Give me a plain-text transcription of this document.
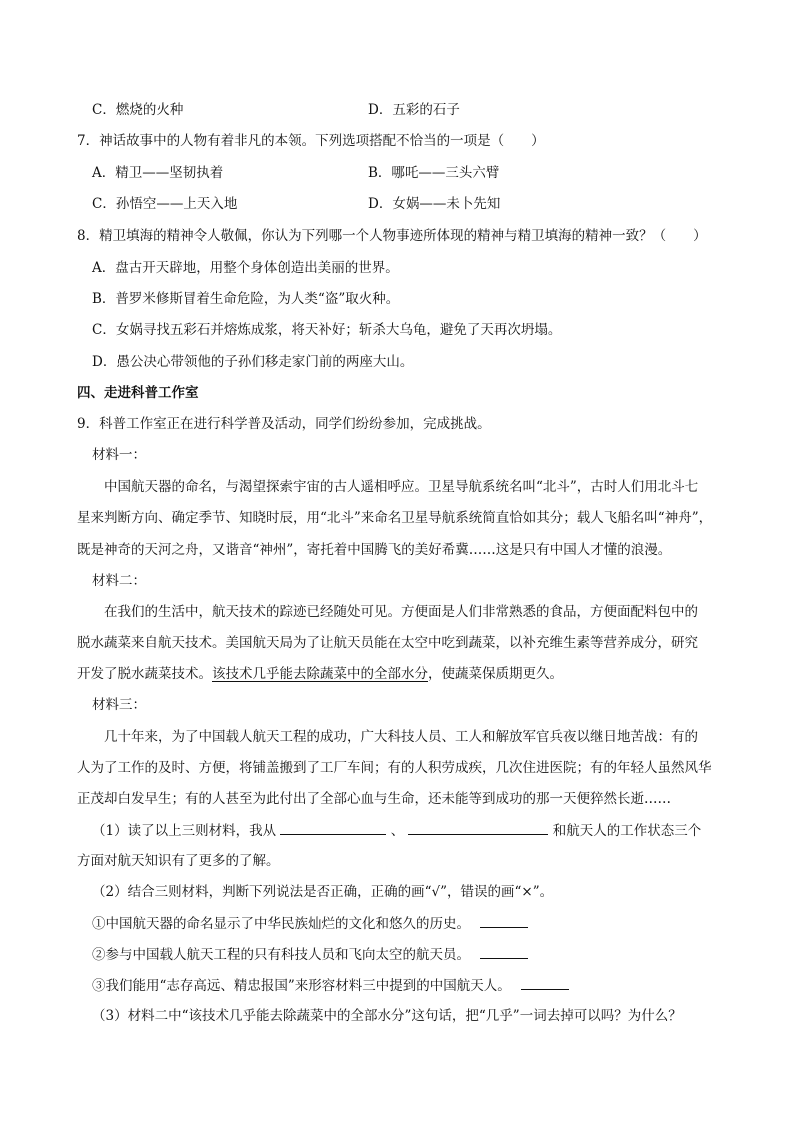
C．燃烧的火种	D．五彩的石子
7．神话故事中的人物有着非凡的本领。下列选项搭配不恰当的一项是（　　）
A．精卫——坚韧执着	B．哪吒——三头六臂
C．孙悟空——上天入地	D．女娲——未卜先知
8．精卫填海的精神令人敬佩，你认为下列哪一个人物事迹所体现的精神与精卫填海的精神一致？（　　）
A．盘古开天辟地，用整个身体创造出美丽的世界。
B．普罗米修斯冒着生命危险，为人类“盗”取火种。
C．女娲寻找五彩石并熔炼成浆，将天补好；斩杀大乌龟，避免了天再次坍塌。
D．愚公决心带领他的子孙们移走家门前的两座大山。
四、走进科普工作室
9．科普工作室正在进行科学普及活动，同学们纷纷参加，完成挑战。
材料一：
中国航天器的命名，与渴望探索宇宙的古人遥相呼应。卫星导航系统名叫“北斗”，古时人们用北斗七
星来判断方向、确定季节、知晓时辰，用“北斗”来命名卫星导航系统简直恰如其分；载人飞船名叫“神舟”，
既是神奇的天河之舟，又谐音“神州”，寄托着中国腾飞的美好希冀……这是只有中国人才懂的浪漫。
材料二：
在我们的生活中，航天技术的踪迹已经随处可见。方便面是人们非常熟悉的食品，方便面配料包中的
脱水蔬菜来自航天技术。美国航天局为了让航天员能在太空中吃到蔬菜，以补充维生素等营养成分，研究
开发了脱水蔬菜技术。该技术几乎能去除蔬菜中的全部水分，使蔬菜保质期更久。
材料三：
几十年来，为了中国载人航天工程的成功，广大科技人员、工人和解放军官兵夜以继日地苦战：有的
人为了工作的及时、方便，将铺盖搬到了工厂车间；有的人积劳成疾，几次住进医院；有的年轻人虽然风华
正茂却白发早生；有的人甚至为此付出了全部心血与生命，还未能等到成功的那一天便猝然长逝……
（1）读了以上三则材料，我从	、	和航天人的工作状态三个
方面对航天知识有了更多的了解。
（2）结合三则材料，判断下列说法是否正确，正确的画“√”，错误的画“×”。
①中国航天器的命名显示了中华民族灿烂的文化和悠久的历史。
②参与中国载人航天工程的只有科技人员和飞向太空的航天员。
③我们能用“志存高远、精忠报国”来形容材料三中提到的中国航天人。
（3）材料二中“该技术几乎能去除蔬菜中的全部水分”这句话，把“几乎”一词去掉可以吗？为什么？
